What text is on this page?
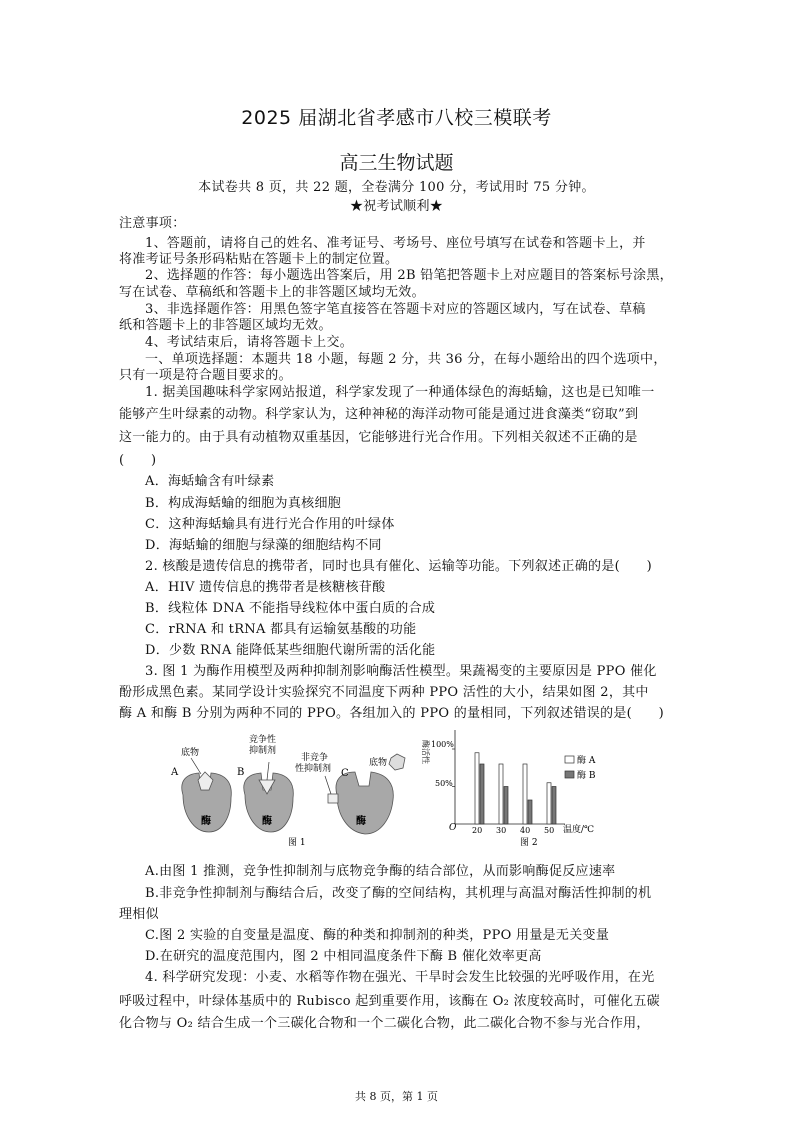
2025 届湖北省孝感市八校三模联考
高三生物试题
本试卷共 8 页，共 22 题，全卷满分 100 分，考试用时 75 分钟。
★祝考试顺利★
注意事项：
1、答题前，请将自己的姓名、准考证号、考场号、座位号填写在试卷和答题卡上，并
将准考证号条形码粘贴在答题卡上的制定位置。
2、选择题的作答：每小题选出答案后，用 2B 铅笔把答题卡上对应题目的答案标号涂黑，
写在试卷、草稿纸和答题卡上的非答题区域均无效。
3、非选择题作答：用黑色签字笔直接答在答题卡对应的答题区域内，写在试卷、草稿
纸和答题卡上的非答题区域均无效。
4、考试结束后，请将答题卡上交。
一、单项选择题：本题共 18 小题，每题 2 分，共 36 分，在每小题给出的四个选项中，
只有一项是符合题目要求的。
1. 据美国趣味科学家网站报道，科学家发现了一种通体绿色的海蛞蝓，这也是已知唯一
能够产生叶绿素的动物。科学家认为，这种神秘的海洋动物可能是通过进食藻类“窃取”到
这一能力的。由于具有动植物双重基因，它能够进行光合作用。下列相关叙述不正确的是
(　　)
A．海蛞蝓含有叶绿素
B．构成海蛞蝓的细胞为真核细胞
C．这种海蛞蝓具有进行光合作用的叶绿体
D．海蛞蝓的细胞与绿藻的细胞结构不同
2. 核酸是遗传信息的携带者，同时也具有催化、运输等功能。下列叙述正确的是(　　)
A．HIV 遗传信息的携带者是核糖核苷酸
B．线粒体 DNA 不能指导线粒体中蛋白质的合成
C．rRNA 和 tRNA 都具有运输氨基酸的功能
D．少数 RNA 能降低某些细胞代谢所需的活化能
3. 图 1 为酶作用模型及两种抑制剂影响酶活性模型。果蔬褐变的主要原因是 PPO 催化
酚形成黑色素。某同学设计实验探究不同温度下两种 PPO 活性的大小，结果如图 2，其中
酶 A 和酶 B 分别为两种不同的 PPO。各组加入的 PPO 的量相同，下列叙述错误的是(　　)
底物
A
酶
竞争性
抑制剂
B
酶
非竞争
性抑制剂 C
底物
酶
图 1
酶活性 100%
50%
O	温度/℃
图 2
酶 A
酶 B
20 30 40 50
A.由图 1 推测，竞争性抑制剂与底物竞争酶的结合部位，从而影响酶促反应速率
B.非竞争性抑制剂与酶结合后，改变了酶的空间结构，其机理与高温对酶活性抑制的机
理相似
C.图 2 实验的自变量是温度、酶的种类和抑制剂的种类，PPO 用量是无关变量
D.在研究的温度范围内，图 2 中相同温度条件下酶 B 催化效率更高
4. 科学研究发现：小麦、水稻等作物在强光、干旱时会发生比较强的光呼吸作用，在光
呼吸过程中，叶绿体基质中的 Rubisco 起到重要作用，该酶在 O₂ 浓度较高时，可催化五碳
化合物与 O₂ 结合生成一个三碳化合物和一个二碳化合物，此二碳化合物不参与光合作用，
共 8 页，第 1 页
